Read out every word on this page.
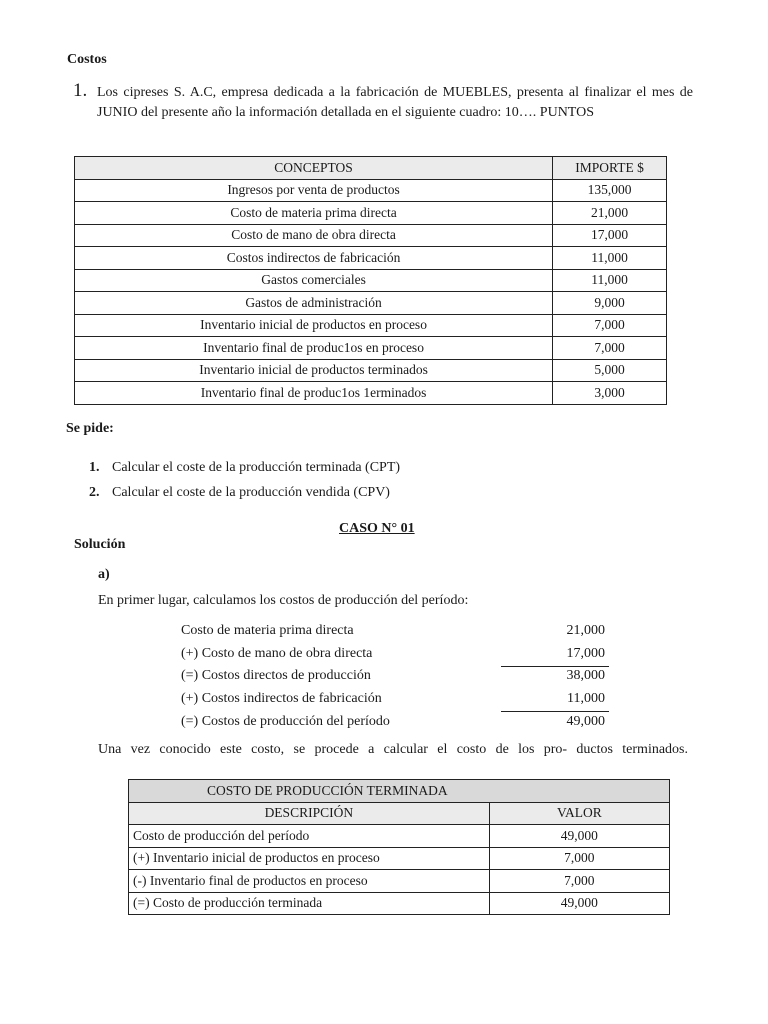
Costos
1. Los cipreses S. A.C, empresa dedicada a la fabricación de MUEBLES, presenta al finalizar el mes de JUNIO del presente año la información detallada en el siguiente cuadro: 10…. PUNTOS
CONCEPTOS	IMPORTE $
Ingresos por venta de productos	135,000
Costo de materia prima directa	21,000
Costo de mano de obra directa	17,000
Costos indirectos de fabricación	11,000
Gastos comerciales	11,000
Gastos de administración	9,000
Inventario inicial de productos en proceso	7,000
Inventario final de produc1os en proceso	7,000
Inventario inicial de productos terminados	5,000
Inventario final de produc1os 1erminados	3,000
Se pide:
1. Calcular el coste de la producción terminada (CPT)
2. Calcular el coste de la producción vendida (CPV)
CASO N° 01
Solución
a)
En primer lugar, calculamos los costos de producción del período:
Costo de materia prima directa	21,000
(+) Costo de mano de obra directa	17,000
(=) Costos directos de producción	38,000
(+) Costos indirectos de fabricación	11,000
(=) Costos de producción del período	49,000
Una vez conocido este costo, se procede a calcular el costo de los pro- ductos terminados.
COSTO DE PRODUCCIÓN TERMINADA	
DESCRIPCIÓN	VALOR
Costo de producción del período	49,000
(+) Inventario inicial de productos en proceso	7,000
(-) Inventario final de productos en proceso	7,000
(=) Costo de producción terminada	49,000
